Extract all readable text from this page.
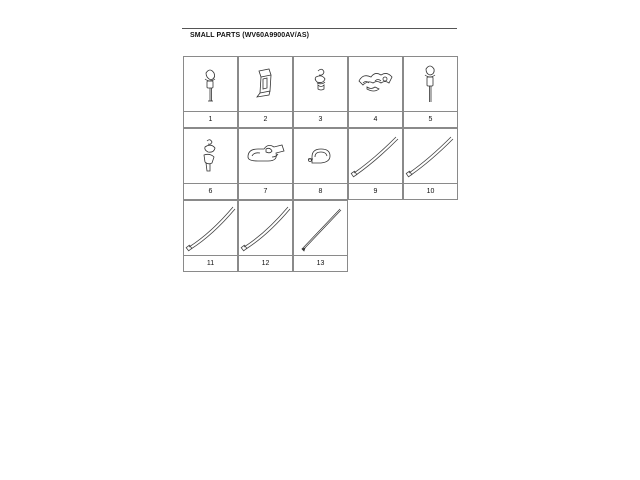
SMALL PARTS (WV60A9900AV/AS)
1	2	3	4	5
6	7	8	9	10
11	12	13
